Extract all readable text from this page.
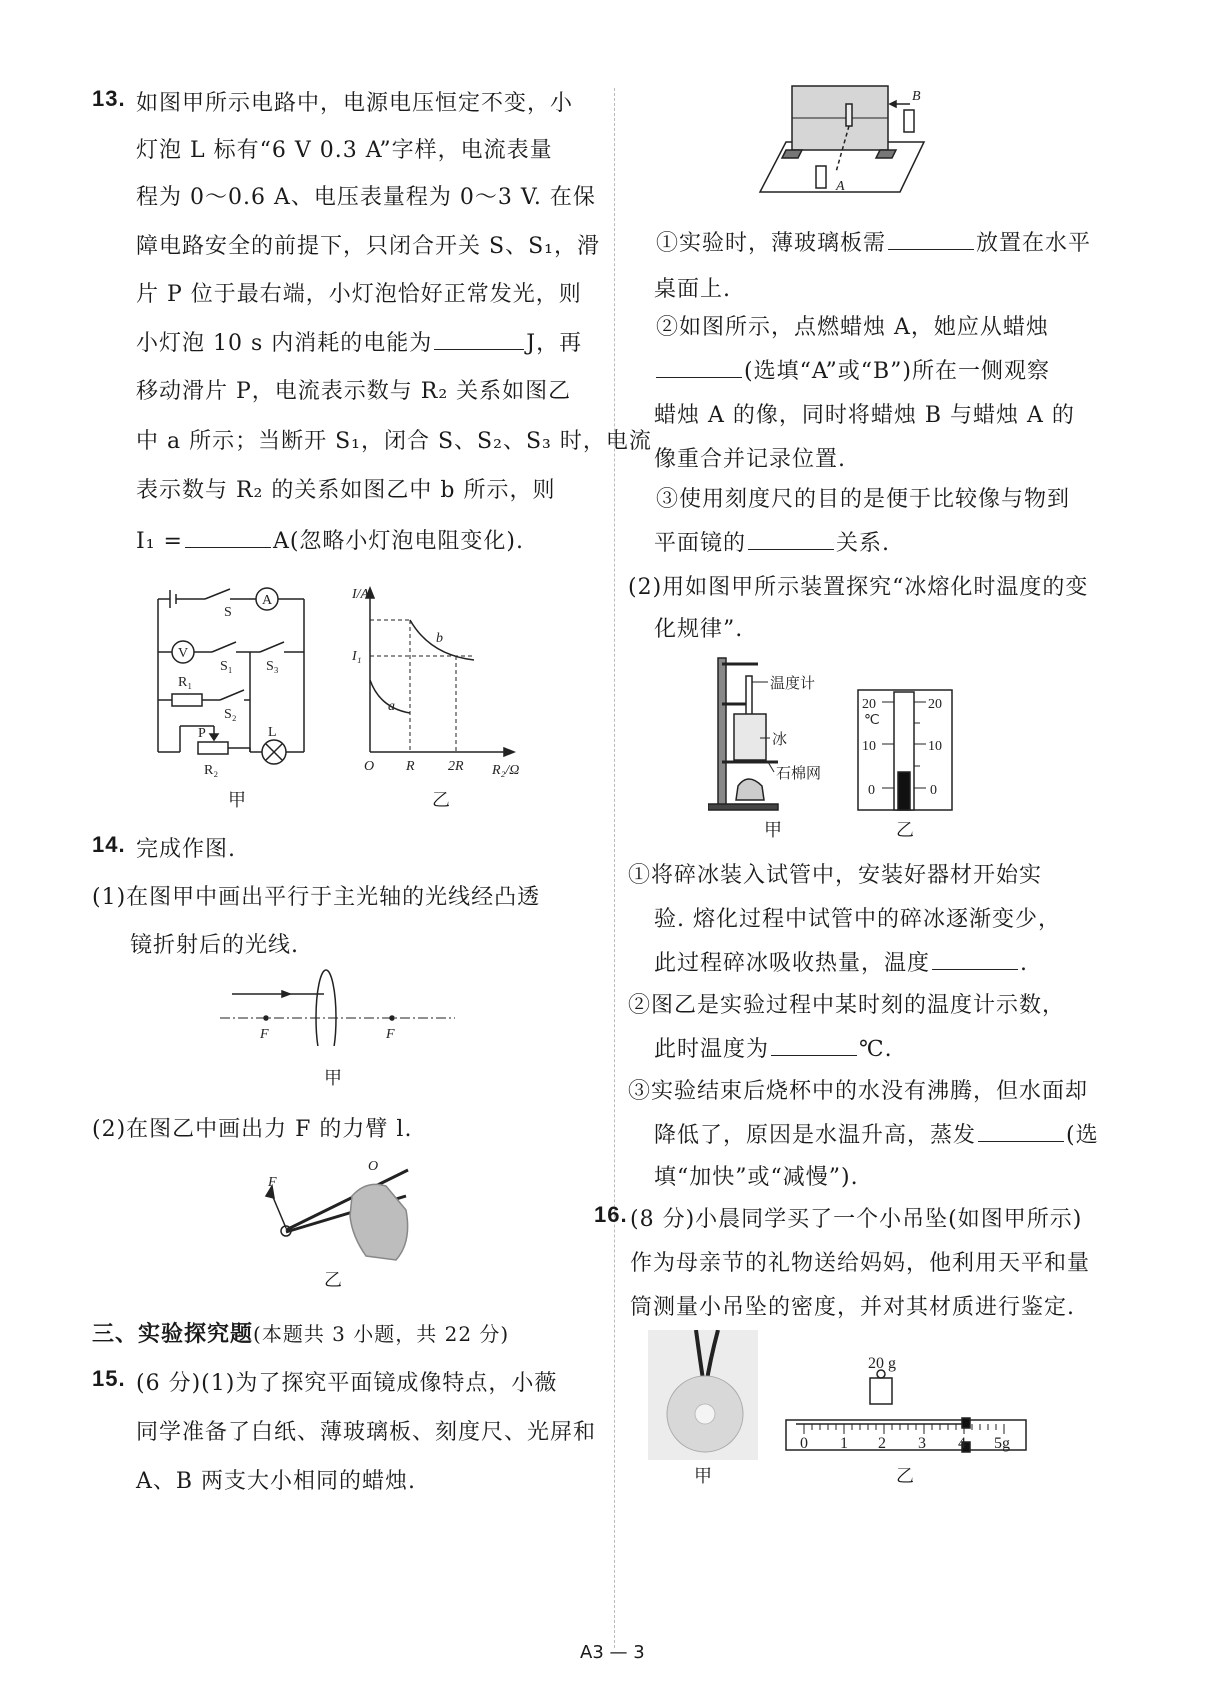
13. 如图甲所示电路中，电源电压恒定不变，小
灯泡 L 标有“6 V 0.3 A”字样，电流表量
程为 0～0.6 A、电压表量程为 0～3 V. 在保
障电路安全的前提下，只闭合开关 S、S₁，滑
片 P 位于最右端，小灯泡恰好正常发光，则
小灯泡 10 s 内消耗的电能为	J，再
移动滑片 P，电流表示数与 R₂ 关系如图乙
中 a 所示；当断开 S₁，闭合 S、S₂、S₃ 时，电流
表示数与 R₂ 的关系如图乙中 b 所示，则
I₁ =	A(忽略小灯泡电阻变化).
S
A
V
S₁ S₃
R₁
S₂
P	L
R₂
甲
I/A
I₁
b
a
O R 2R R₂/Ω
乙
14. 完成作图.
(1)在图甲中画出平行于主光轴的光线经凸透
镜折射后的光线.
F	F
甲
(2)在图乙中画出力 F 的力臂 l.
O
F
乙
三、实验探究题(本题共 3 小题，共 22 分)
15. (6 分)(1)为了探究平面镜成像特点，小薇
同学准备了白纸、薄玻璃板、刻度尺、光屏和
A、B 两支大小相同的蜡烛.
B
A
①实验时，薄玻璃板需	放置在水平
桌面上.
②如图所示，点燃蜡烛 A，她应从蜡烛
(选填“A”或“B”)所在一侧观察
蜡烛 A 的像，同时将蜡烛 B 与蜡烛 A 的
像重合并记录位置.
③使用刻度尺的目的是便于比较像与物到
平面镜的	关系.
(2)用如图甲所示装置探究“冰熔化时温度的变
化规律”.
温度计
冰
石棉网
甲
20
℃
10
0
20
10
0
乙
①将碎冰装入试管中，安装好器材开始实
验. 熔化过程中试管中的碎冰逐渐变少，
此过程碎冰吸收热量，温度	.
②图乙是实验过程中某时刻的温度计示数，
此时温度为	℃.
③实验结束后烧杯中的水没有沸腾，但水面却
降低了，原因是水温升高，蒸发	(选
填“加快”或“减慢”).
16. (8 分)小晨同学买了一个小吊坠(如图甲所示)
作为母亲节的礼物送给妈妈，他利用天平和量
筒测量小吊坠的密度，并对其材质进行鉴定.
甲
20 g
0 1 2 3 4 5g
乙
A3 — 3
